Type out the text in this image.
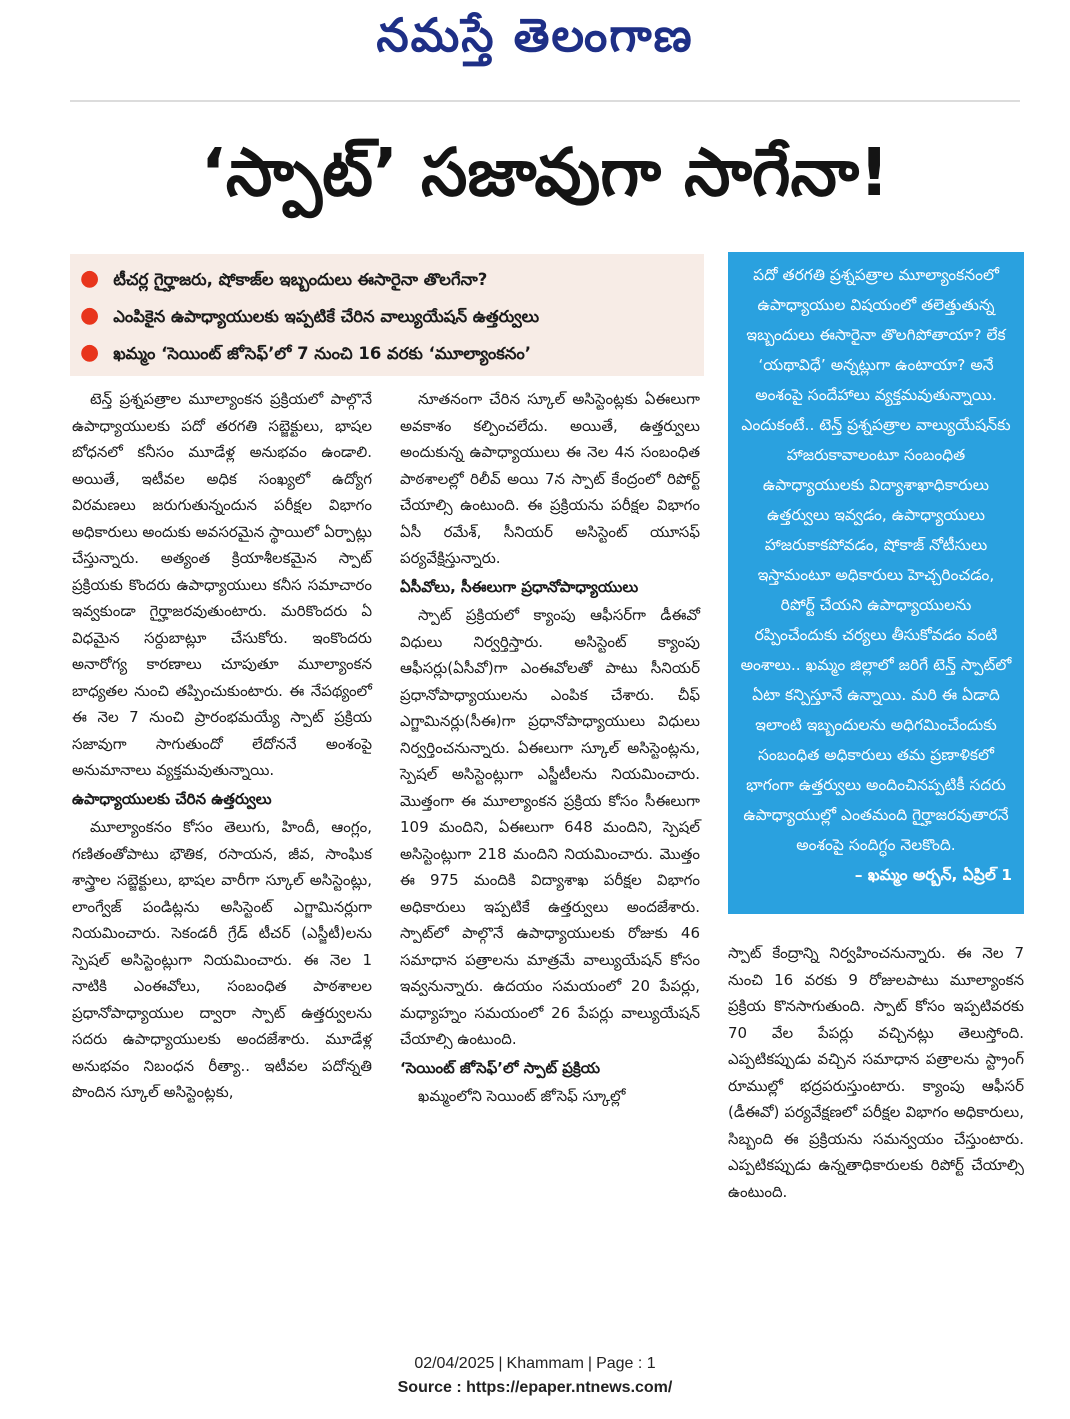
నమస్తే తెలంగాణ
‘స్పాట్’ సజావుగా సాగేనా!
● టీచర్ల గైర్హాజరు, షోకాజ్‌ల ఇబ్బందులు ఈసారైనా తొలగేనా?
● ఎంపికైన ఉపాధ్యాయులకు ఇప్పటికే చేరిన వాల్యుయేషన్ ఉత్తర్వులు
● ఖమ్మం ‘సెయింట్ జోసెఫ్’లో 7 నుంచి 16 వరకు ‘మూల్యాంకనం’

టెన్త్ ప్రశ్నపత్రాల మూల్యాంకన ప్రక్రియలో పాల్గొనే ఉపాధ్యాయులకు పదో తరగతి సబ్జెక్టులు, భాషల బోధనలో కనీసం మూడేళ్ల అనుభవం ఉండాలి. అయితే, ఇటీవల అధిక సంఖ్యలో ఉద్యోగ విరమణలు జరుగుతున్నందున పరీక్షల విభాగం అధికారులు అందుకు అవసరమైన స్థాయిలో ఏర్పాట్లు చేస్తున్నారు. అత్యంత క్రియాశీలకమైన స్పాట్ ప్రక్రియకు కొందరు ఉపాధ్యాయులు కనీస సమాచారం ఇవ్వకుండా గైర్హాజరవుతుంటారు. మరికొందరు ఏ విధమైన సర్దుబాట్లూ చేసుకోరు. ఇంకొందరు అనారోగ్య కారణాలు చూపుతూ మూల్యాంకన బాధ్యతల నుంచి తప్పించుకుంటారు. ఈ నేపథ్యంలో ఈ నెల 7 నుంచి ప్రారంభమయ్యే స్పాట్ ప్రక్రియ సజావుగా సాగుతుందో లేదోననే అంశంపై అనుమానాలు వ్యక్తమవుతున్నాయి.

ఉపాధ్యాయులకు చేరిన ఉత్తర్వులు

మూల్యాంకనం కోసం తెలుగు, హిందీ, ఆంగ్లం, గణితంతోపాటు భౌతిక, రసాయన, జీవ, సాంఘిక శాస్త్రాల సబ్జెక్టులు, భాషల వారీగా స్కూల్ అసిస్టెంట్లు, లాంగ్వేజ్ పండిట్లను అసిస్టెంట్ ఎగ్జామినర్లుగా నియమించారు. సెకండరీ గ్రేడ్ టీచర్ (ఎస్జీటీ)లను స్పెషల్ అసిస్టెంట్లుగా నియమించారు. ఈ నెల 1 నాటికి ఎంఈవోలు, సంబంధిత పాఠశాలల ప్రధానోపాధ్యాయుల ద్వారా స్పాట్ ఉత్తర్వులను సదరు ఉపాధ్యాయులకు అందజేశారు. మూడేళ్ల అనుభవం నిబంధన రీత్యా.. ఇటీవల పదోన్నతి పొందిన స్కూల్ అసిస్టెంట్లకు,

నూతనంగా చేరిన స్కూల్ అసిస్టెంట్లకు ఏఈలుగా అవకాశం కల్పించలేదు. అయితే, ఉత్తర్వులు అందుకున్న ఉపాధ్యాయులు ఈ నెల 4న సంబంధిత పాఠశాలల్లో రిలీవ్ అయి 7న స్పాట్ కేంద్రంలో రిపోర్ట్ చేయాల్సి ఉంటుంది. ఈ ప్రక్రియను పరీక్షల విభాగం ఏసీ రమేశ్, సీనియర్ అసిస్టెంట్ యూసఫ్ పర్యవేక్షిస్తున్నారు.

ఏసీవోలు, సీఈలుగా ప్రధానోపాధ్యాయులు

స్పాట్ ప్రక్రియలో క్యాంపు ఆఫీసర్‌గా డీఈవో విధులు నిర్వర్తిస్తారు. అసిస్టెంట్ క్యాంపు ఆఫీసర్లు(ఏసీవో)గా ఎంఈవోలతో పాటు సీనియర్ ప్రధానోపాధ్యాయులను ఎంపిక చేశారు. చీఫ్ ఎగ్జామినర్లు(సీఈ)గా ప్రధానోపాధ్యాయులు విధులు నిర్వర్తించనున్నారు. ఏఈలుగా స్కూల్ అసిస్టెంట్లను, స్పెషల్ అసిస్టెంట్లుగా ఎస్జీటీలను నియమించారు. మొత్తంగా ఈ మూల్యాంకన ప్రక్రియ కోసం సీఈలుగా 109 మందిని, ఏఈలుగా 648 మందిని, స్పెషల్ అసిస్టెంట్లుగా 218 మందిని నియమించారు. మొత్తం ఈ 975 మందికి విద్యాశాఖ పరీక్షల విభాగం అధికారులు ఇప్పటికే ఉత్తర్వులు అందజేశారు. స్పాట్‌లో పాల్గొనే ఉపాధ్యాయులకు రోజుకు 46 సమాధాన పత్రాలను మాత్రమే వాల్యుయేషన్ కోసం ఇవ్వనున్నారు. ఉదయం సమయంలో 20 పేపర్లు, మధ్యాహ్నం సమయంలో 26 పేపర్లు వాల్యుయేషన్ చేయాల్సి ఉంటుంది.

‘సెయింట్ జోసెఫ్’లో స్పాట్ ప్రక్రియ

ఖమ్మంలోని సెయింట్ జోసెఫ్ స్కూల్లో

పదో తరగతి ప్రశ్నపత్రాల మూల్యాంకనంలో ఉపాధ్యాయుల విషయంలో తలెత్తుతున్న ఇబ్బందులు ఈసారైనా తొలగిపోతాయా? లేక ‘యథావిధే’ అన్నట్లుగా ఉంటాయా? అనే అంశంపై సందేహాలు వ్యక్తమవుతున్నాయి. ఎందుకంటే.. టెన్త్ ప్రశ్నపత్రాల వాల్యుయేషన్‌కు హాజరుకావాలంటూ సంబంధిత ఉపాధ్యాయులకు విద్యాశాఖాధికారులు ఉత్తర్వులు ఇవ్వడం, ఉపాధ్యాయులు హాజరుకాకపోవడం, షోకాజ్ నోటీసులు ఇస్తామంటూ అధికారులు హెచ్చరించడం, రిపోర్ట్ చేయని ఉపాధ్యాయులను రప్పించేందుకు చర్యలు తీసుకోవడం వంటి అంశాలు.. ఖమ్మం జిల్లాలో జరిగే టెన్త్ స్పాట్‌లో ఏటా కన్పిస్తూనే ఉన్నాయి. మరి ఈ ఏడాది ఇలాంటి ఇబ్బందులను అధిగమించేందుకు సంబంధిత అధికారులు తమ ప్రణాళికలో భాగంగా ఉత్తర్వులు అందించినప్పటికీ సదరు ఉపాధ్యాయుల్లో ఎంతమంది గైర్హాజరవుతారనే అంశంపై సందిగ్ధం నెలకొంది.
– ఖమ్మం అర్బన్, ఏప్రిల్ 1

స్పాట్ కేంద్రాన్ని నిర్వహించనున్నారు. ఈ నెల 7 నుంచి 16 వరకు 9 రోజులపాటు మూల్యాంకన ప్రక్రియ కొనసాగుతుంది. స్పాట్ కోసం ఇప్పటివరకు 70 వేల పేపర్లు వచ్చినట్లు తెలుస్తోంది. ఎప్పటికప్పుడు వచ్చిన సమాధాన పత్రాలను స్ట్రాంగ్ రూముల్లో భద్రపరుస్తుంటారు. క్యాంపు ఆఫీసర్ (డీఈవో) పర్యవేక్షణలో పరీక్షల విభాగం అధికారులు, సిబ్బంది ఈ ప్రక్రియను సమన్వయం చేస్తుంటారు. ఎప్పటికప్పుడు ఉన్నతాధికారులకు రిపోర్ట్ చేయాల్సి ఉంటుంది.

02/04/2025 | Khammam | Page : 1
Source : https://epaper.ntnews.com/
